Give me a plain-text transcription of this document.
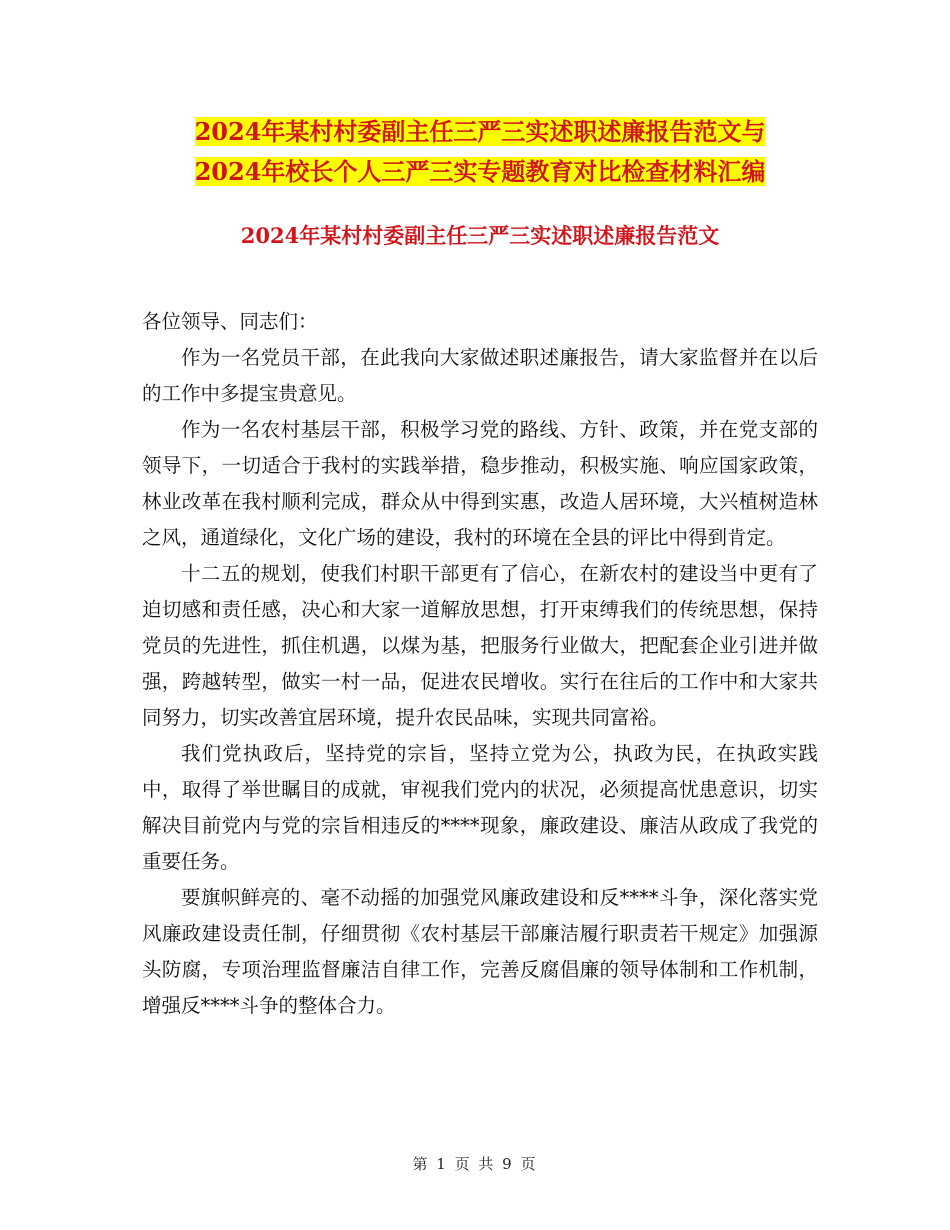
2024年某村村委副主任三严三实述职述廉报告范文与
2024年校长个人三严三实专题教育对比检查材料汇编
2024年某村村委副主任三严三实述职述廉报告范文

各位领导、同志们：

作为一名党员干部，在此我向大家做述职述廉报告，请大家监督并在以后的工作中多提宝贵意见。

作为一名农村基层干部，积极学习党的路线、方针、政策，并在党支部的领导下，一切适合于我村的实践举措，稳步推动，积极实施、响应国家政策，林业改革在我村顺利完成，群众从中得到实惠，改造人居环境，大兴植树造林之风，通道绿化，文化广场的建设，我村的环境在全县的评比中得到肯定。

十二五的规划，使我们村职干部更有了信心，在新农村的建设当中更有了迫切感和责任感，决心和大家一道解放思想，打开束缚我们的传统思想，保持党员的先进性，抓住机遇，以煤为基，把服务行业做大，把配套企业引进并做强，跨越转型，做实一村一品，促进农民增收。实行在往后的工作中和大家共同努力，切实改善宜居环境，提升农民品味，实现共同富裕。

我们党执政后，坚持党的宗旨，坚持立党为公，执政为民，在执政实践中，取得了举世瞩目的成就，审视我们党内的状况，必须提高忧患意识，切实解决目前党内与党的宗旨相违反的****现象，廉政建设、廉洁从政成了我党的重要任务。

要旗帜鲜亮的、毫不动摇的加强党风廉政建设和反****斗争，深化落实党风廉政建设责任制，仔细贯彻《农村基层干部廉洁履行职责若干规定》加强源头防腐，专项治理监督廉洁自律工作，完善反腐倡廉的领导体制和工作机制，增强反****斗争的整体合力。

第 1 页 共 9 页
